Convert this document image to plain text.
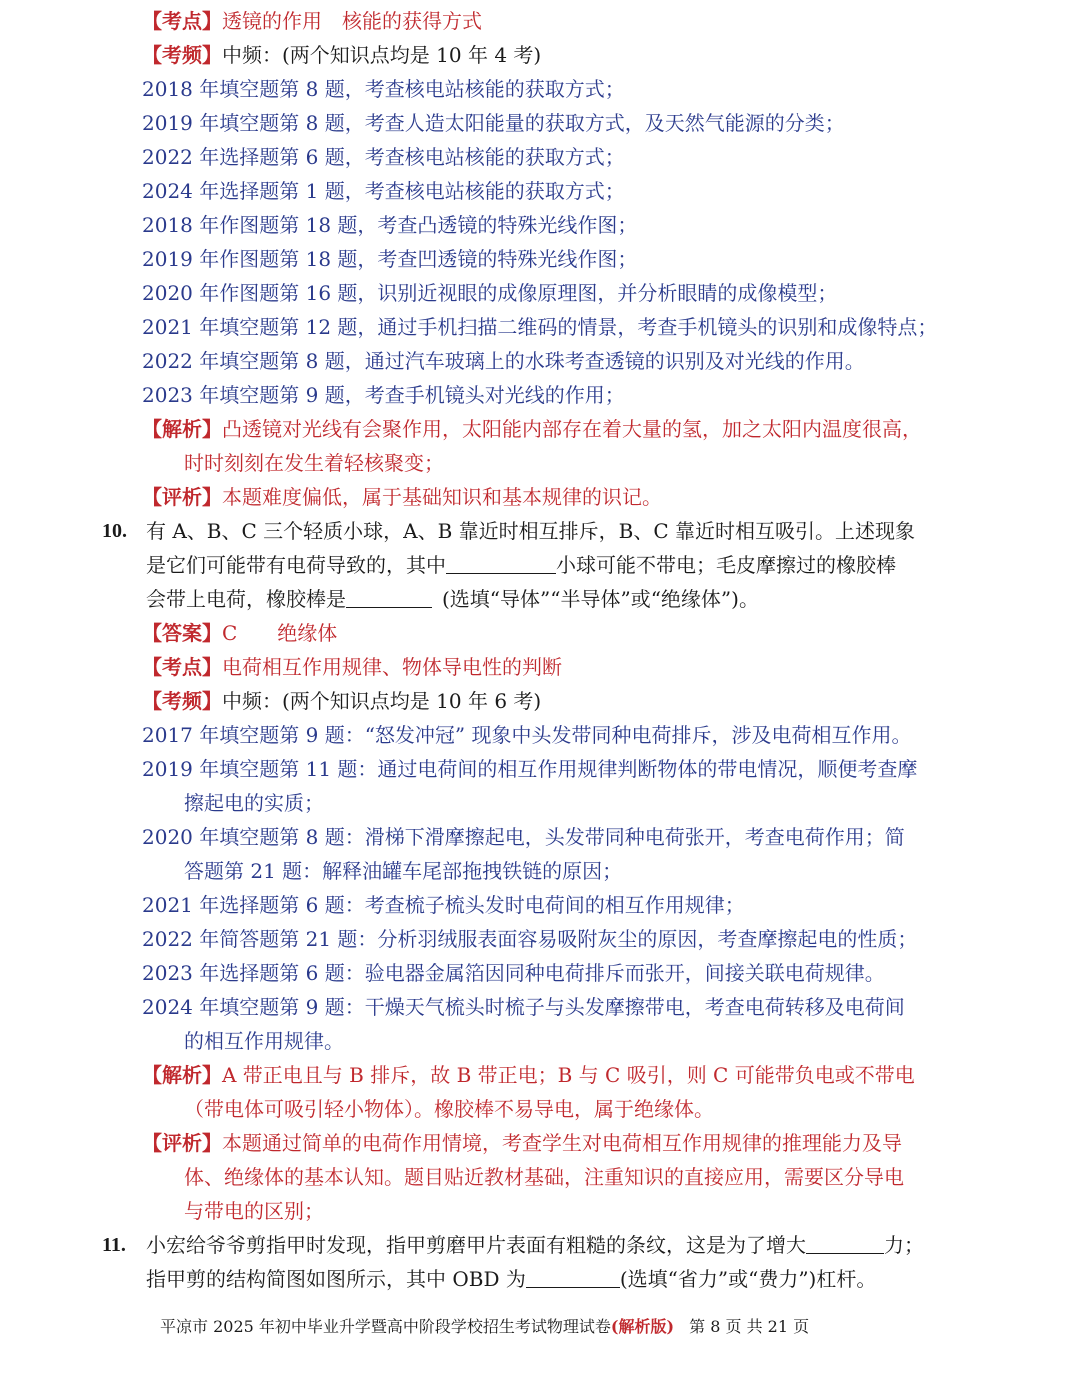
【考点】透镜的作用　核能的获得方式
【考频】中频：(两个知识点均是 10 年 4 考)
2018 年填空题第 8 题，考查核电站核能的获取方式；
2019 年填空题第 8 题，考查人造太阳能量的获取方式，及天然气能源的分类；
2022 年选择题第 6 题，考查核电站核能的获取方式；
2024 年选择题第 1 题，考查核电站核能的获取方式；
2018 年作图题第 18 题，考查凸透镜的特殊光线作图；
2019 年作图题第 18 题，考查凹透镜的特殊光线作图；
2020 年作图题第 16 题，识别近视眼的成像原理图，并分析眼睛的成像模型；
2021 年填空题第 12 题，通过手机扫描二维码的情景，考查手机镜头的识别和成像特点；
2022 年填空题第 8 题，通过汽车玻璃上的水珠考查透镜的识别及对光线的作用。
2023 年填空题第 9 题，考查手机镜头对光线的作用；
【解析】凸透镜对光线有会聚作用，太阳能内部存在着大量的氢，加之太阳内温度很高，
时时刻刻在发生着轻核聚变；
【评析】本题难度偏低，属于基础知识和基本规律的识记。
10. 有 A、B、C 三个轻质小球，A、B 靠近时相互排斥，B、C 靠近时相互吸引。上述现象
是它们可能带有电荷导致的，其中	小球可能不带电；毛皮摩擦过的橡胶棒
会带上电荷，橡胶棒是	(选填“导体”“半导体”或“绝缘体”)。
【答案】C　　绝缘体
【考点】电荷相互作用规律、物体导电性的判断
【考频】中频：(两个知识点均是 10 年 6 考)
2017 年填空题第 9 题：“怒发冲冠” 现象中头发带同种电荷排斥，涉及电荷相互作用。
2019 年填空题第 11 题：通过电荷间的相互作用规律判断物体的带电情况，顺便考查摩
擦起电的实质；
2020 年填空题第 8 题：滑梯下滑摩擦起电，头发带同种电荷张开，考查电荷作用；简
答题第 21 题：解释油罐车尾部拖拽铁链的原因；
2021 年选择题第 6 题：考查梳子梳头发时电荷间的相互作用规律；
2022 年简答题第 21 题：分析羽绒服表面容易吸附灰尘的原因，考查摩擦起电的性质；
2023 年选择题第 6 题：验电器金属箔因同种电荷排斥而张开，间接关联电荷规律。
2024 年填空题第 9 题：干燥天气梳头时梳子与头发摩擦带电，考查电荷转移及电荷间
的相互作用规律。
【解析】A 带正电且与 B 排斥，故 B 带正电；B 与 C 吸引，则 C 可能带负电或不带电
（带电体可吸引轻小物体）。橡胶棒不易导电，属于绝缘体。
【评析】本题通过简单的电荷作用情境，考查学生对电荷相互作用规律的推理能力及导
体、绝缘体的基本认知。题目贴近教材基础，注重知识的直接应用，需要区分导电
与带电的区别；
11. 小宏给爷爷剪指甲时发现，指甲剪磨甲片表面有粗糙的条纹，这是为了增大	力；
指甲剪的结构简图如图所示，其中 OBD 为	(选填“省力”或“费力”)杠杆。
平凉市 2025 年初中毕业升学暨高中阶段学校招生考试物理试卷(解析版) 第 8 页 共 21 页
